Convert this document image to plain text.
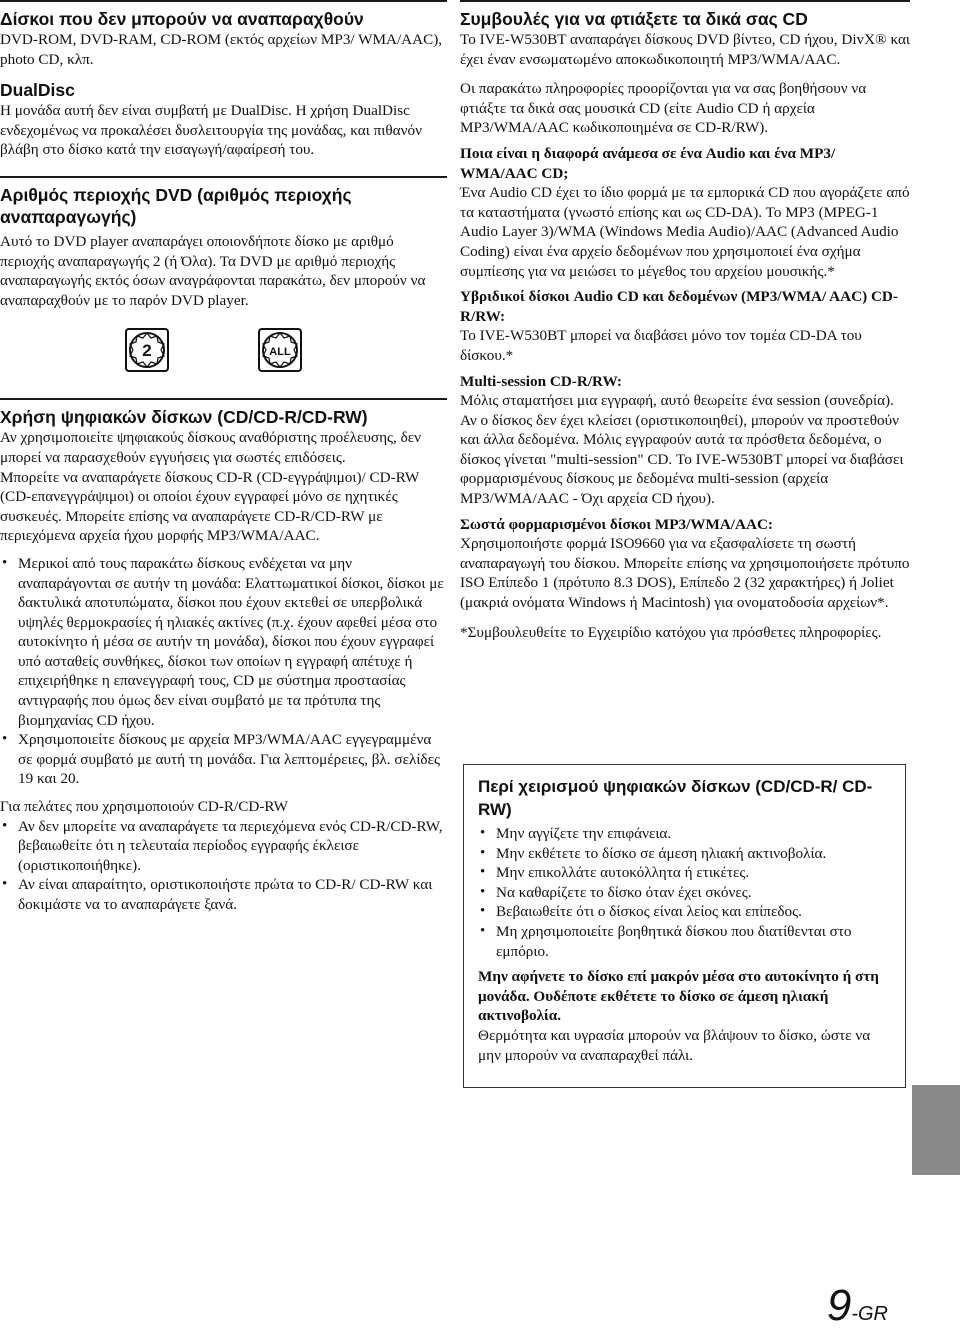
Δίσκοι που δεν μπορούν να αναπαραχθούν

DVD-ROM, DVD-RAM, CD-ROM (εκτός αρχείων MP3/ WMA/AAC), photo CD, κλπ.

DualDisc

Η μονάδα αυτή δεν είναι συμβατή με DualDisc. Η χρήση DualDisc ενδεχομένως να προκαλέσει δυσλειτουργία της μονάδας, και πιθανόν βλάβη στο δίσκο κατά την εισαγωγή/αφαίρεσή του.

Αριθμός περιοχής DVD (αριθμός περιοχής αναπαραγωγής)

Αυτό το DVD player αναπαράγει οποιονδήποτε δίσκο με αριθμό περιοχής αναπαραγωγής 2 (ή Όλα). Τα DVD με αριθμό περιοχής αναπαραγωγής εκτός όσων αναγράφονται παρακάτω, δεν μπορούν να αναπαραχθούν με το παρόν DVD player.

2	ALL
Χρήση ψηφιακών δίσκων (CD/CD-R/CD-RW)

Αν χρησιμοποιείτε ψηφιακούς δίσκους αναθόριστης προέλευσης, δεν μπορεί να παρασχεθούν εγγυήσεις για σωστές επιδόσεις.

Μπορείτε να αναπαράγετε δίσκους CD-R (CD-εγγράψιμοι)/ CD-RW (CD-επανεγγράψιμοι) οι οποίοι έχουν εγγραφεί μόνο σε ηχητικές συσκευές. Μπορείτε επίσης να αναπαράγετε CD-R/CD-RW με περιεχόμενα αρχεία ήχου μορφής MP3/WMA/AAC.

• Μερικοί από τους παρακάτω δίσκους ενδέχεται να μην αναπαράγονται σε αυτήν τη μονάδα: Ελαττωματικοί δίσκοι, δίσκοι με δακτυλικά αποτυπώματα, δίσκοι που έχουν εκτεθεί σε υπερβολικά υψηλές θερμοκρασίες ή ηλιακές ακτίνες (π.χ. έχουν αφεθεί μέσα στο αυτοκίνητο ή μέσα σε αυτήν τη μονάδα), δίσκοι που έχουν εγγραφεί υπό ασταθείς συνθήκες, δίσκοι των οποίων η εγγραφή απέτυχε ή επιχειρήθηκε η επανεγγραφή τους, CD με σύστημα προστασίας αντιγραφής που όμως δεν είναι συμβατό με τα πρότυπα της βιομηχανίας CD ήχου.
• Χρησιμοποιείτε δίσκους με αρχεία MP3/WMA/AAC εγγεγραμμένα σε φορμά συμβατό με αυτή τη μονάδα. Για λεπτομέρειες, βλ. σελίδες 19 και 20.

Για πελάτες που χρησιμοποιούν CD-R/CD-RW

• Αν δεν μπορείτε να αναπαράγετε τα περιεχόμενα ενός CD-R/CD-RW, βεβαιωθείτε ότι η τελευταία περίοδος εγγραφής έκλεισε (οριστικοποιήθηκε).
• Αν είναι απαραίτητο, οριστικοποιήστε πρώτα το CD-R/ CD-RW και δοκιμάστε να το αναπαράγετε ξανά.
Συμβουλές για να φτιάξετε τα δικά σας CD

Το IVE-W530BT αναπαράγει δίσκους DVD βίντεο, CD ήχου, DivX® και έχει έναν ενσωματωμένο αποκωδικοποιητή MP3/WMA/AAC.

Οι παρακάτω πληροφορίες προορίζονται για να σας βοηθήσουν να φτιάξτε τα δικά σας μουσικά CD (είτε Audio CD ή αρχεία MP3/WMA/AAC κωδικοποιημένα σε CD-R/RW).

Ποια είναι η διαφορά ανάμεσα σε ένα Audio και ένα MP3/ WMA/AAC CD;

Ένα Audio CD έχει το ίδιο φορμά με τα εμπορικά CD που αγοράζετε από τα καταστήματα (γνωστό επίσης και ως CD-DA). Το MP3 (MPEG-1 Audio Layer 3)/WMA (Windows Media Audio)/AAC (Advanced Audio Coding) είναι ένα αρχείο δεδομένων που χρησιμοποιεί ένα σχήμα συμπίεσης για να μειώσει το μέγεθος του αρχείου μουσικής.*

Υβριδικοί δίσκοι Audio CD και δεδομένων (MP3/WMA/ AAC) CD-R/RW:

Το IVE-W530BT μπορεί να διαβάσει μόνο τον τομέα CD-DA του δίσκου.*

Multi-session CD-R/RW:

Μόλις σταματήσει μια εγγραφή, αυτό θεωρείτε ένα session (συνεδρία). Αν ο δίσκος δεν έχει κλείσει (οριστικοποιηθεί), μπορούν να προστεθούν και άλλα δεδομένα. Μόλις εγγραφούν αυτά τα πρόσθετα δεδομένα, ο δίσκος γίνεται "multi-session" CD. Το IVE-W530BT μπορεί να διαβάσει φορμαρισμένους δίσκους με δεδομένα multi-session (αρχεία MP3/WMA/AAC - Όχι αρχεία CD ήχου).

Σωστά φορμαρισμένοι δίσκοι MP3/WMA/AAC:

Χρησιμοποιήστε φορμά ISO9660 για να εξασφαλίσετε τη σωστή αναπαραγωγή του δίσκου. Μπορείτε επίσης να χρησιμοποιήσετε πρότυπο ISO Επίπεδο 1 (πρότυπο 8.3 DOS), Επίπεδο 2 (32 χαρακτήρες) ή Joliet (μακριά ονόματα Windows ή Macintosh) για ονοματοδοσία αρχείων*.

*Συμβουλευθείτε το Εγχειρίδιο κατόχου για πρόσθετες πληροφορίες.

Περί χειρισμού ψηφιακών δίσκων (CD/CD-R/ CD-RW)
• Μην αγγίζετε την επιφάνεια.
• Μην εκθέτετε το δίσκο σε άμεση ηλιακή ακτινοβολία.
• Μην επικολλάτε αυτοκόλλητα ή ετικέτες.
• Να καθαρίζετε το δίσκο όταν έχει σκόνες.
• Βεβαιωθείτε ότι ο δίσκος είναι λείος και επίπεδος.
• Μη χρησιμοποιείτε βοηθητικά δίσκου που διατίθενται στο εμπόριο.

Μην αφήνετε το δίσκο επί μακρόν μέσα στο αυτοκίνητο ή στη μονάδα. Ουδέποτε εκθέτετε το δίσκο σε άμεση ηλιακή ακτινοβολία.

Θερμότητα και υγρασία μπορούν να βλάψουν το δίσκο, ώστε να μην μπορούν να αναπαραχθεί πάλι.

9-GR
